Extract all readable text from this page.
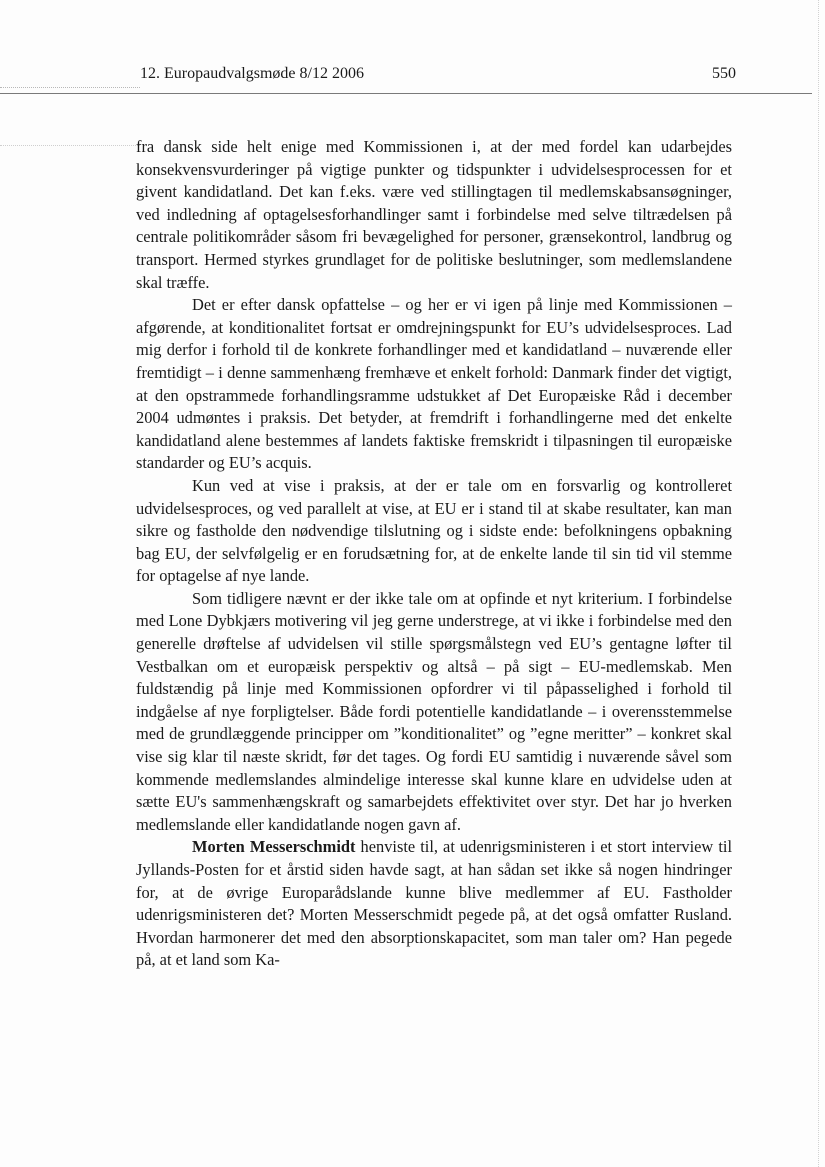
12. Europaudvalgsmøde 8/12 2006	550

fra dansk side helt enige med Kommissionen i, at der med fordel kan udarbejdes konsekvensvurderinger på vigtige punkter og tidspunkter i udvidelsesprocessen for et givent kandidatland. Det kan f.eks. være ved stillingtagen til medlemskabsansøgninger, ved indledning af optagelsesforhandlinger samt i forbindelse med selve tiltrædelsen på centrale politikområder såsom fri bevægelighed for personer, grænsekontrol, landbrug og transport. Hermed styrkes grundlaget for de politiske beslutninger, som medlemslandene skal træffe.

Det er efter dansk opfattelse – og her er vi igen på linje med Kommissionen – afgørende, at konditionalitet fortsat er omdrejningspunkt for EU’s udvidelsesproces. Lad mig derfor i forhold til de konkrete forhandlinger med et kandidatland – nuværende eller fremtidigt – i denne sammenhæng fremhæve et enkelt forhold: Danmark finder det vigtigt, at den opstrammede forhandlingsramme udstukket af Det Europæiske Råd i december 2004 udmøntes i praksis. Det betyder, at fremdrift i forhandlingerne med det enkelte kandidatland alene bestemmes af landets faktiske fremskridt i tilpasningen til europæiske standarder og EU’s acquis.

Kun ved at vise i praksis, at der er tale om en forsvarlig og kontrolleret udvidelsesproces, og ved parallelt at vise, at EU er i stand til at skabe resultater, kan man sikre og fastholde den nødvendige tilslutning og i sidste ende: befolkningens opbakning bag EU, der selvfølgelig er en forudsætning for, at de enkelte lande til sin tid vil stemme for optagelse af nye lande.

Som tidligere nævnt er der ikke tale om at opfinde et nyt kriterium. I forbindelse med Lone Dybkjærs motivering vil jeg gerne understrege, at vi ikke i forbindelse med den generelle drøftelse af udvidelsen vil stille spørgsmålstegn ved EU’s gentagne løfter til Vestbalkan om et europæisk perspektiv og altså – på sigt – EU-medlemskab. Men fuldstændig på linje med Kommissionen opfordrer vi til påpasselighed i forhold til indgåelse af nye forpligtelser. Både fordi potentielle kandidatlande – i overensstemmelse med de grundlæggende principper om ”konditionalitet” og ”egne meritter” – konkret skal vise sig klar til næste skridt, før det tages. Og fordi EU samtidig i nuværende såvel som kommende medlemslandes almindelige interesse skal kunne klare en udvidelse uden at sætte EU's sammenhængskraft og samarbejdets effektivitet over styr. Det har jo hverken medlemslande eller kandidatlande nogen gavn af.

Morten Messerschmidt henviste til, at udenrigsministeren i et stort interview til Jyllands-Posten for et årstid siden havde sagt, at han sådan set ikke så nogen hindringer for, at de øvrige Europarådslande kunne blive medlemmer af EU. Fastholder udenrigsministeren det? Morten Messerschmidt pegede på, at det også omfatter Rusland. Hvordan harmonerer det med den absorptionskapacitet, som man taler om? Han pegede på, at et land som Ka-
